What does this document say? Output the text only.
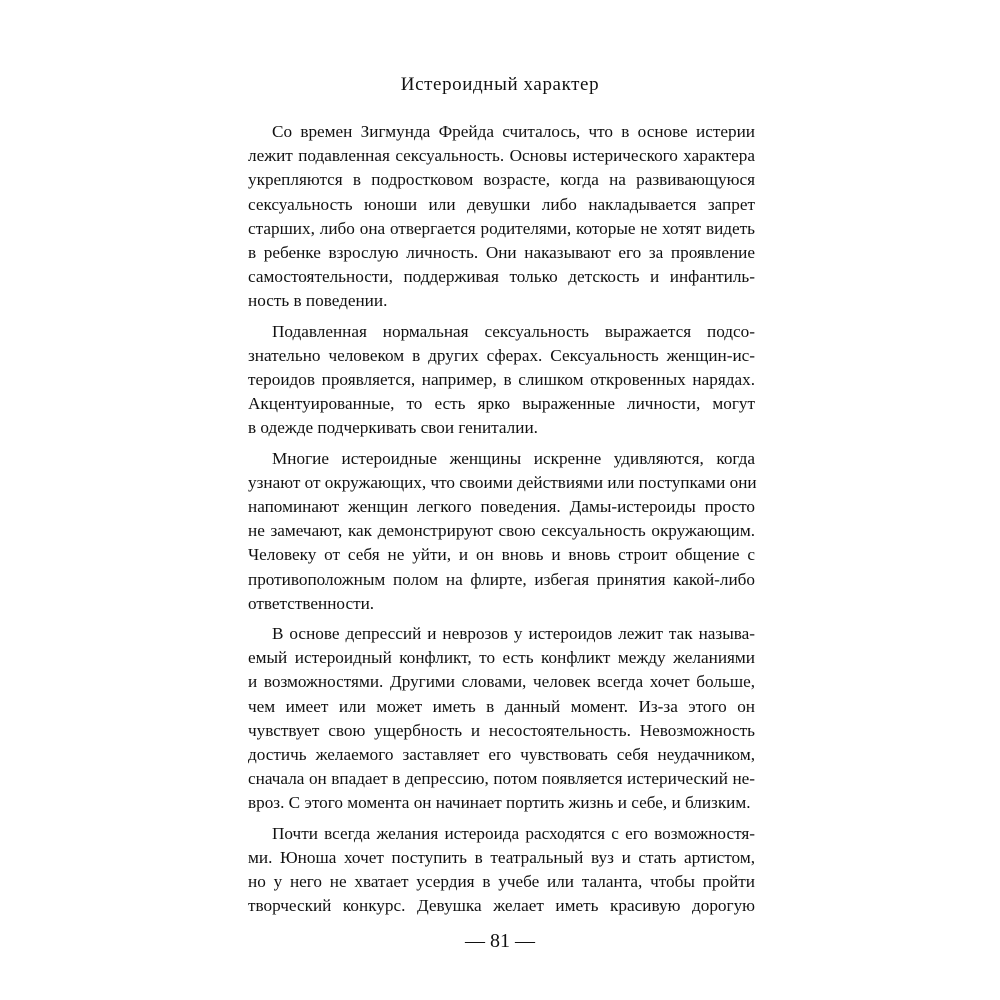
Истероидный характер

Со времен Зигмунда Фрейда считалось, что в основе истерии
лежит подавленная сексуальность. Основы истерического характера
укрепляются в подростковом возрасте, когда на развивающуюся
сексуальность юноши или девушки либо накладывается запрет
старших, либо она отвергается родителями, которые не хотят видеть
в ребенке взрослую личность. Они наказывают его за проявление
самостоятельности, поддерживая только детскость и инфантиль-
ность в поведении.

Подавленная нормальная сексуальность выражается подсо-
знательно человеком в других сферах. Сексуальность женщин-ис-
тероидов проявляется, например, в слишком откровенных нарядах.
Акцентуированные, то есть ярко выраженные личности, могут
в одежде подчеркивать свои гениталии.

Многие истероидные женщины искренне удивляются, когда
узнают от окружающих, что своими действиями или поступками они
напоминают женщин легкого поведения. Дамы-истероиды просто
не замечают, как демонстрируют свою сексуальность окружающим.
Человеку от себя не уйти, и он вновь и вновь строит общение с
противоположным полом на флирте, избегая принятия какой-либо
ответственности.

В основе депрессий и неврозов у истероидов лежит так называ-
емый истероидный конфликт, то есть конфликт между желаниями
и возможностями. Другими словами, человек всегда хочет больше,
чем имеет или может иметь в данный момент. Из-за этого он
чувствует свою ущербность и несостоятельность. Невозможность
достичь желаемого заставляет его чувствовать себя неудачником,
сначала он впадает в депрессию, потом появляется истерический не-
вроз. С этого момента он начинает портить жизнь и себе, и близким.

Почти всегда желания истероида расходятся с его возможностя-
ми. Юноша хочет поступить в театральный вуз и стать артистом,
но у него не хватает усердия в учебе или таланта, чтобы пройти
творческий конкурс. Девушка желает иметь красивую дорогую

— 81 —
